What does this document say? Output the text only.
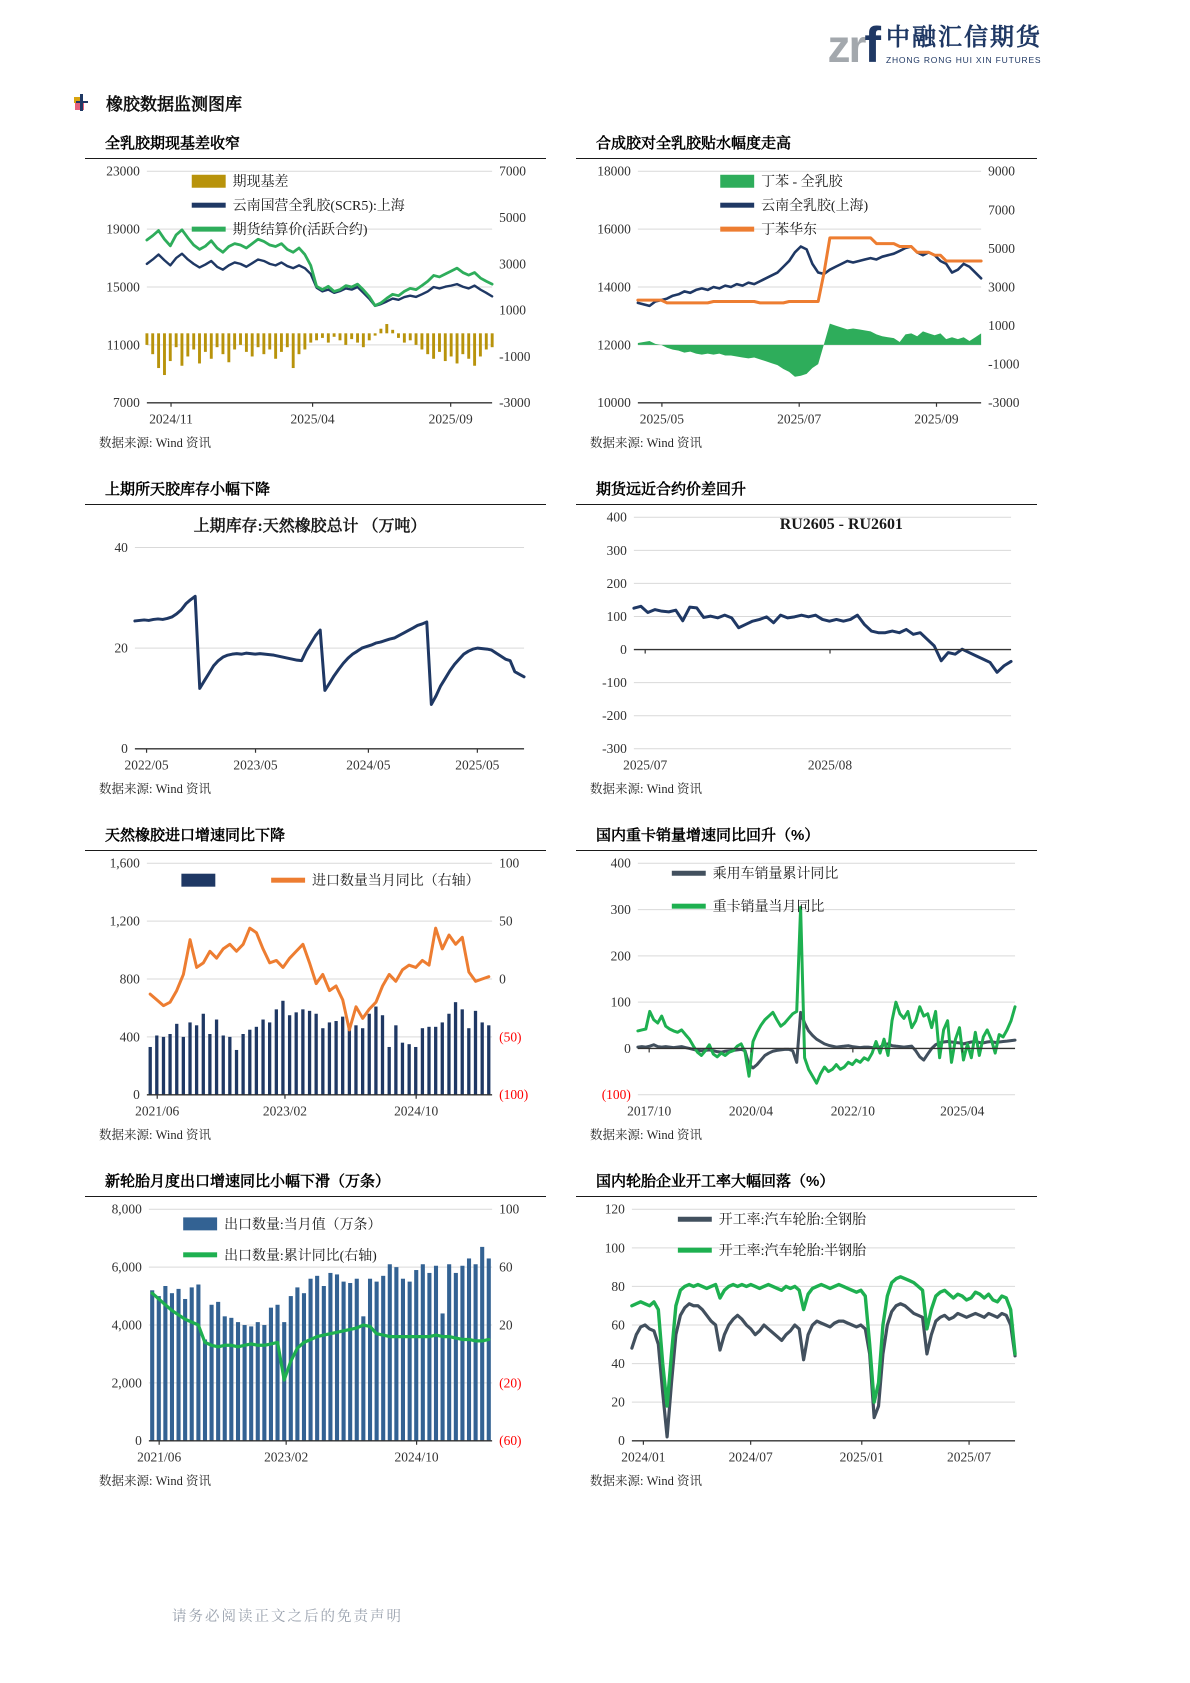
zrf 中融汇信期货
ZHONG RONG HUI XIN FUTURES
橡胶数据监测图库
全乳胶期现基差收窄
23000
19000
15000
11000
7000
7000
5000
3000
1000
-1000
-3000
2024/11	2025/04	2025/09
期现基差
云南国营全乳胶(SCR5):上海
期货结算价(活跃合约)

数据来源: Wind 资讯

合成胶对全乳胶贴水幅度走高
18000
16000
14000
12000
10000
9000
7000
5000
3000
1000
-1000
-3000
2025/05	2025/07	2025/09
丁苯 - 全乳胶
云南全乳胶(上海)
丁苯华东

数据来源: Wind 资讯

上期所天胶库存小幅下降
40
20
0
2022/05	2023/05	2024/05	2025/05
上期库存:天然橡胶总计 （万吨）

数据来源: Wind 资讯

期货远近合约价差回升
400
300
200
100
0
-100
-200
-300
2025/07	2025/08
RU2605 - RU2601

数据来源: Wind 资讯

天然橡胶进口增速同比下降
1,600
1,200
800
400
0
100
50
0
(50)
(100)
2021/06	2023/02	2024/10
进口数量当月同比（右轴）

数据来源: Wind 资讯

国内重卡销量增速同比回升（%）
400
300
200
100
0
(100)
2017/10	2020/04	2022/10	2025/04
乘用车销量累计同比
重卡销量当月同比

数据来源: Wind 资讯

新轮胎月度出口增速同比小幅下滑（万条）
8,000
6,000
4,000
2,000
0
100
60
20
(20)
(60)
2021/06	2023/02	2024/10
出口数量:当月值（万条）
出口数量:累计同比(右轴)

数据来源: Wind 资讯

国内轮胎企业开工率大幅回落（%）
120
100
80
60
40
20
0
2024/01	2024/07	2025/01	2025/07
开工率:汽车轮胎:全钢胎
开工率:汽车轮胎:半钢胎

数据来源: Wind 资讯

请务必阅读正文之后的免责声明
